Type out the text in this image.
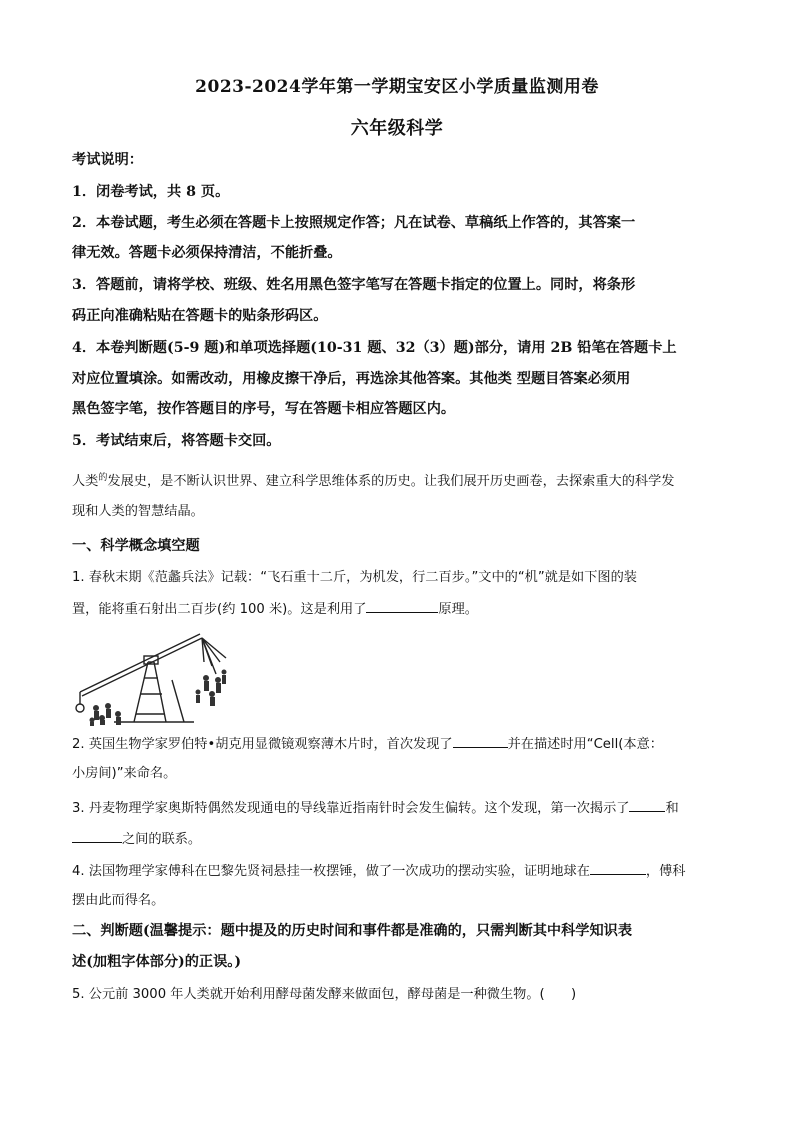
2023-2024学年第一学期宝安区小学质量监测用卷
六年级科学
考试说明：
1．闭卷考试，共 8 页。
2．本卷试题，考生必须在答题卡上按照规定作答；凡在试卷、草稿纸上作答的，其答案一
律无效。答题卡必须保持清洁，不能折叠。
3．答题前，请将学校、班级、姓名用黑色签字笔写在答题卡指定的位置上。同时，将条形
码正向准确粘贴在答题卡的贴条形码区。
4．本卷判断题(5-9 题)和单项选择题(10-31 题、32（3）题)部分，请用 2B 铅笔在答题卡上
对应位置填涂。如需改动，用橡皮擦干净后，再选涂其他答案。其他类 型题目答案必须用
黑色签字笔，按作答题目的序号，写在答题卡相应答题区内。
5．考试结束后，将答题卡交回。
人类$^的$发展史，是不断认识世界、建立科学思维体系的历史。让我们展开历史画卷，去探索重大的科学发
现和人类的智慧结晶。
一、科学概念填空题
1. 春秋末期《范蠡兵法》记载：“飞石重十二斤，为机发，行二百步。”文中的“机”就是如下图的装
置，能将重石射出二百步(约 100 米)。这是利用了	原理。
2. 英国生物学家罗伯特•胡克用显微镜观察薄木片时，首次发现了	并在描述时用“Cell(本意：
小房间)”来命名。
3. 丹麦物理学家奥斯特偶然发现通电的导线靠近指南针时会发生偏转。这个发现，第一次揭示了	和
之间的联系。
4. 法国物理学家傅科在巴黎先贤祠悬挂一枚摆锤，做了一次成功的摆动实验，证明地球在	，傅科
摆由此而得名。
二、判断题(温馨提示：题中提及的历史时间和事件都是准确的，只需判断其中科学知识表
述(加粗字体部分)的正误。)
5. 公元前 3000 年人类就开始利用酵母菌发酵来做面包，酵母菌是一种微生物。(　　)
